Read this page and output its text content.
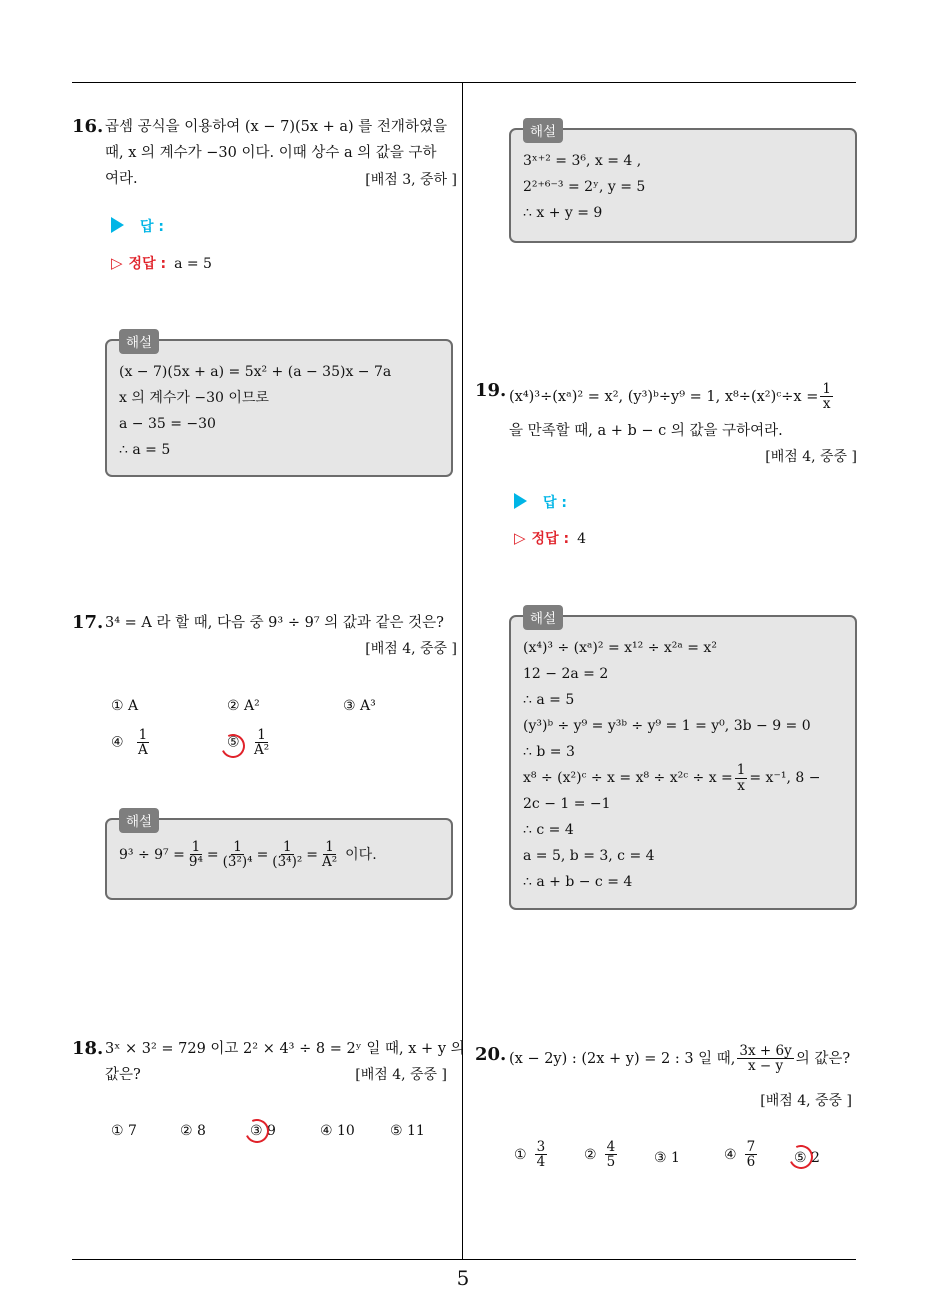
5
16. 곱셈 공식을 이용하여 (x − 7)(5x + a) 를 전개하였을
때, x 의 계수가 −30 이다. 이때 상수 a 의 값을 구하
여라.	[배점 3, 중하 ]
답 :
▷ 정답 : a = 5
해설
(x − 7)(5x + a) = 5x² + (a − 35)x − 7a
x 의 계수가 −30 이므로
a − 35 = −30
∴ a = 5
17. 3⁴ = A 라 할 때, 다음 중 9³ ÷ 9⁷ 의 값과 같은 것은?
[배점 4, 중중 ]
① A	② A²	③ A³
④ $\frac{1}{A}$	⑤ $\frac{1}{\text{A²}}$
해설
$9^3 \div 9^7 = \frac{1}{\text{9⁴}} = \frac{1}{\text{(3²)⁴}} = \frac{1}{\text{(3⁴)²}} = \frac{1}{\text{A²}}$ 이다.
18. 3ˣ × 3² = 729 이고 2² × 4³ ÷ 8 = 2ʸ 일 때, x + y 의
값은?	[배점 4, 중중 ]
① 7	② 8	③ 9	④ 10	⑤ 11
해설
3ˣ⁺² = 3⁶, x = 4 ,
2²⁺⁶⁻³ = 2ʸ, y = 5
∴ x + y = 9
19. (x⁴)³÷(xᵃ)² = x², (y³)ᵇ÷y⁹ = 1, x⁸÷(x²)ᶜ÷x = $\frac{1}{x}$
을 만족할 때, a + b − c 의 값을 구하여라.
[배점 4, 중중 ]
답 :
▷ 정답 : 4
해설
(x⁴)³ ÷ (xᵃ)² = x¹² ÷ x²ᵃ = x²
12 − 2a = 2
∴ a = 5
(y³)ᵇ ÷ y⁹ = y³ᵇ ÷ y⁹ = 1 = y⁰, 3b − 9 = 0
∴ b = 3
x⁸ ÷ (x²)ᶜ ÷ x = x⁸ ÷ x²ᶜ ÷ $x = \frac{1}{x} = x^{-1}$, 8 −
2c − 1 = −1
∴ c = 4
a = 5, b = 3, c = 4
∴ a + b − c = 4
20. (x − 2y) : (2x + y) = 2 : 3 일 때, $\frac{3x + 6y}{x - y}$ 의 값은?
[배점 4, 중중 ]
① $\frac{3}{4}$	② $\frac{4}{5}$	③ 1	④ $\frac{7}{6}$	⑤ 2
